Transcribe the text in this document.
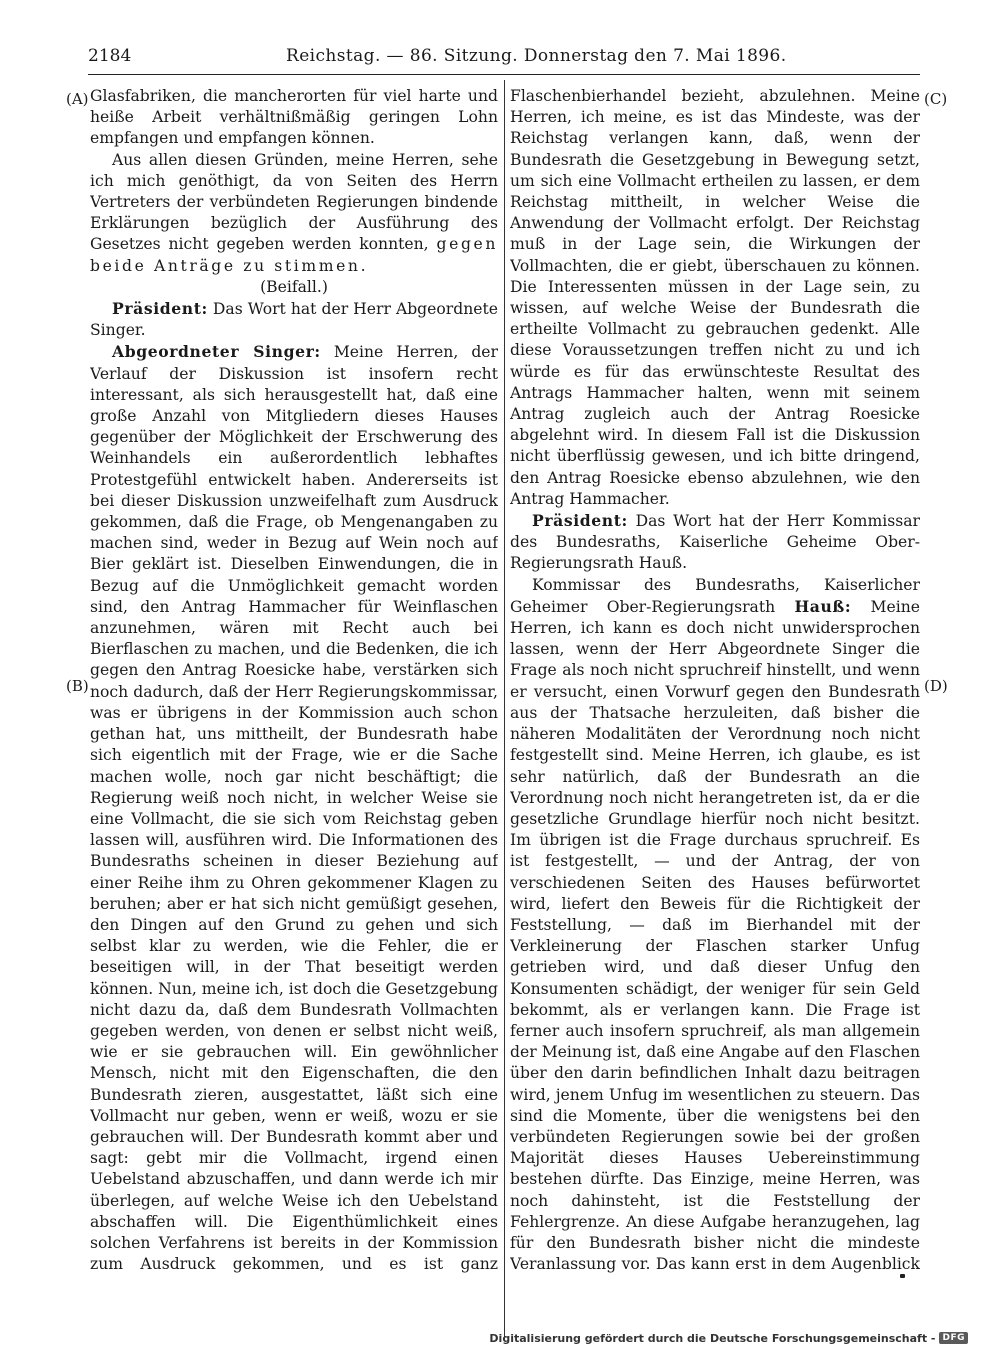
2184	Reichstag. — 86. Sitzung. Donnerstag den 7. Mai 1896.
(A)
(B)
(C)
(D)

Glasfabriken, die mancherorten für viel harte und heiße Arbeit verhältnißmäßig geringen Lohn empfangen und empfangen können.

Aus allen diesen Gründen, meine Herren, sehe ich mich genöthigt, da von Seiten des Herrn Vertreters der verbündeten Regierungen bindende Erklärungen bezüglich der Ausführung des Gesetzes nicht gegeben werden konnten, gegen beide Anträge zu stimmen.

(Beifall.)

Präsident: Das Wort hat der Herr Abgeordnete Singer.

Abgeordneter Singer: Meine Herren, der Verlauf der Diskussion ist insofern recht interessant, als sich herausgestellt hat, daß eine große Anzahl von Mitgliedern dieses Hauses gegenüber der Möglichkeit der Erschwerung des Weinhandels ein außerordentlich lebhaftes Protestgefühl entwickelt haben. Andererseits ist bei dieser Diskussion unzweifelhaft zum Ausdruck gekommen, daß die Frage, ob Mengenangaben zu machen sind, weder in Bezug auf Wein noch auf Bier geklärt ist. Dieselben Einwendungen, die in Bezug auf die Unmöglichkeit gemacht worden sind, den Antrag Hammacher für Weinflaschen anzunehmen, wären mit Recht auch bei Bierflaschen zu machen, und die Bedenken, die ich gegen den Antrag Roesicke habe, verstärken sich noch dadurch, daß der Herr Regierungskommissar, was er übrigens in der Kommission auch schon gethan hat, uns mittheilt, der Bundesrath habe sich eigentlich mit der Frage, wie er die Sache machen wolle, noch gar nicht beschäftigt; die Regierung weiß noch nicht, in welcher Weise sie eine Vollmacht, die sie sich vom Reichstag geben lassen will, ausführen wird. Die Informationen des Bundesraths scheinen in dieser Beziehung auf einer Reihe ihm zu Ohren gekommener Klagen zu beruhen; aber er hat sich nicht gemüßigt gesehen, den Dingen auf den Grund zu gehen und sich selbst klar zu werden, wie die Fehler, die er beseitigen will, in der That beseitigt werden können. Nun, meine ich, ist doch die Gesetzgebung nicht dazu da, daß dem Bundesrath Vollmachten gegeben werden, von denen er selbst nicht weiß, wie er sie gebrauchen will. Ein gewöhnlicher Mensch, nicht mit den Eigenschaften, die den Bundesrath zieren, ausgestattet, läßt sich eine Vollmacht nur geben, wenn er weiß, wozu er sie gebrauchen will. Der Bundesrath kommt aber und sagt: gebt mir die Vollmacht, irgend einen Uebelstand abzuschaffen, und dann werde ich mir überlegen, auf welche Weise ich den Uebelstand abschaffen will. Die Eigenthümlichkeit eines solchen Verfahrens ist bereits in der Kommission zum Ausdruck gekommen, und es ist ganz

Flaschenbierhandel bezieht, abzulehnen. Meine Herren, ich meine, es ist das Mindeste, was der Reichstag verlangen kann, daß, wenn der Bundesrath die Gesetzgebung in Bewegung setzt, um sich eine Vollmacht ertheilen zu lassen, er dem Reichstag mittheilt, in welcher Weise die Anwendung der Vollmacht erfolgt. Der Reichstag muß in der Lage sein, die Wirkungen der Vollmachten, die er giebt, überschauen zu können. Die Interessenten müssen in der Lage sein, zu wissen, auf welche Weise der Bundesrath die ertheilte Vollmacht zu gebrauchen gedenkt. Alle diese Voraussetzungen treffen nicht zu und ich würde es für das erwünschteste Resultat des Antrags Hammacher halten, wenn mit seinem Antrag zugleich auch der Antrag Roesicke abgelehnt wird. In diesem Fall ist die Diskussion nicht überflüssig gewesen, und ich bitte dringend, den Antrag Roesicke ebenso abzulehnen, wie den Antrag Hammacher.

Präsident: Das Wort hat der Herr Kommissar des Bundesraths, Kaiserliche Geheime Ober-Regierungsrath Hauß.

Kommissar des Bundesraths, Kaiserlicher Geheimer Ober-Regierungsrath Hauß: Meine Herren, ich kann es doch nicht unwidersprochen lassen, wenn der Herr Abgeordnete Singer die Frage als noch nicht spruchreif hinstellt, und wenn er versucht, einen Vorwurf gegen den Bundesrath aus der Thatsache herzuleiten, daß bisher die näheren Modalitäten der Verordnung noch nicht festgestellt sind. Meine Herren, ich glaube, es ist sehr natürlich, daß der Bundesrath an die Verordnung noch nicht herangetreten ist, da er die gesetzliche Grundlage hierfür noch nicht besitzt. Im übrigen ist die Frage durchaus spruchreif. Es ist festgestellt, — und der Antrag, der von verschiedenen Seiten des Hauses befürwortet wird, liefert den Beweis für die Richtigkeit der Feststellung, — daß im Bierhandel mit der Verkleinerung der Flaschen starker Unfug getrieben wird, und daß dieser Unfug den Konsumenten schädigt, der weniger für sein Geld bekommt, als er verlangen kann. Die Frage ist ferner auch insofern spruchreif, als man allgemein der Meinung ist, daß eine Angabe auf den Flaschen über den darin befindlichen Inhalt dazu beitragen wird, jenem Unfug im wesentlichen zu steuern. Das sind die Momente, über die wenigstens bei den verbündeten Regierungen sowie bei der großen Majorität dieses Hauses Uebereinstimmung bestehen dürfte. Das Einzige, meine Herren, was noch dahinsteht, ist die Feststellung der Fehlergrenze. An diese Aufgabe heranzugehen, lag für den Bundesrath bisher nicht die mindeste Veranlassung vor. Das kann erst in dem Augenblick

Digitalisierung gefördert durch die Deutsche Forschungsgemeinschaft - DFG
